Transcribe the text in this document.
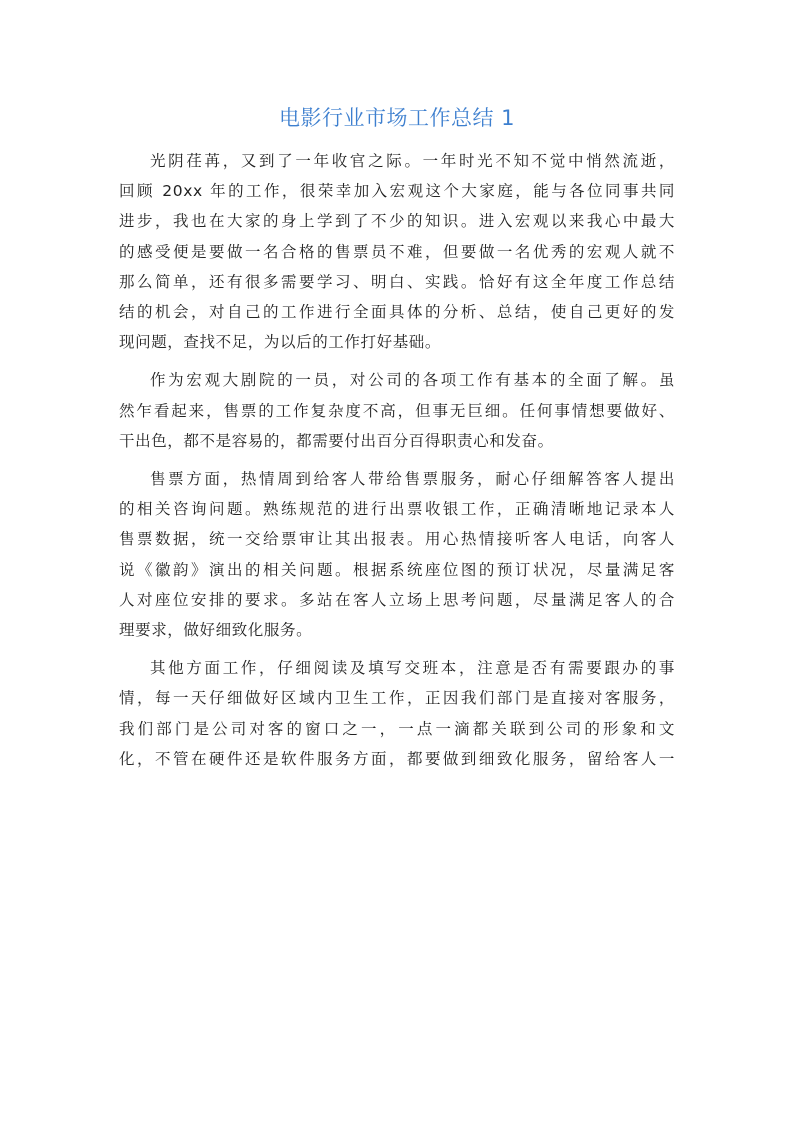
电影行业市场工作总结 1
光阴荏苒，又到了一年收官之际。一年时光不知不觉中悄然流逝，
回顾 20xx 年的工作，很荣幸加入宏观这个大家庭，能与各位同事共同
进步，我也在大家的身上学到了不少的知识。进入宏观以来我心中最大
的感受便是要做一名合格的售票员不难，但要做一名优秀的宏观人就不
那么简单，还有很多需要学习、明白、实践。恰好有这全年度工作总结
结的机会，对自己的工作进行全面具体的分析、总结，使自己更好的发
现问题，查找不足，为以后的工作打好基础。
作为宏观大剧院的一员，对公司的各项工作有基本的全面了解。虽
然乍看起来，售票的工作复杂度不高，但事无巨细。任何事情想要做好、
干出色，都不是容易的，都需要付出百分百得职责心和发奋。
售票方面，热情周到给客人带给售票服务，耐心仔细解答客人提出
的相关咨询问题。熟练规范的进行出票收银工作，正确清晰地记录本人
售票数据，统一交给票审让其出报表。用心热情接听客人电话，向客人
说《徽韵》演出的相关问题。根据系统座位图的预订状况，尽量满足客
人对座位安排的要求。多站在客人立场上思考问题，尽量满足客人的合
理要求，做好细致化服务。
其他方面工作，仔细阅读及填写交班本，注意是否有需要跟办的事
情，每一天仔细做好区域内卫生工作，正因我们部门是直接对客服务，
我们部门是公司对客的窗口之一，一点一滴都关联到公司的形象和文
化，不管在硬件还是软件服务方面，都要做到细致化服务，留给客人一
